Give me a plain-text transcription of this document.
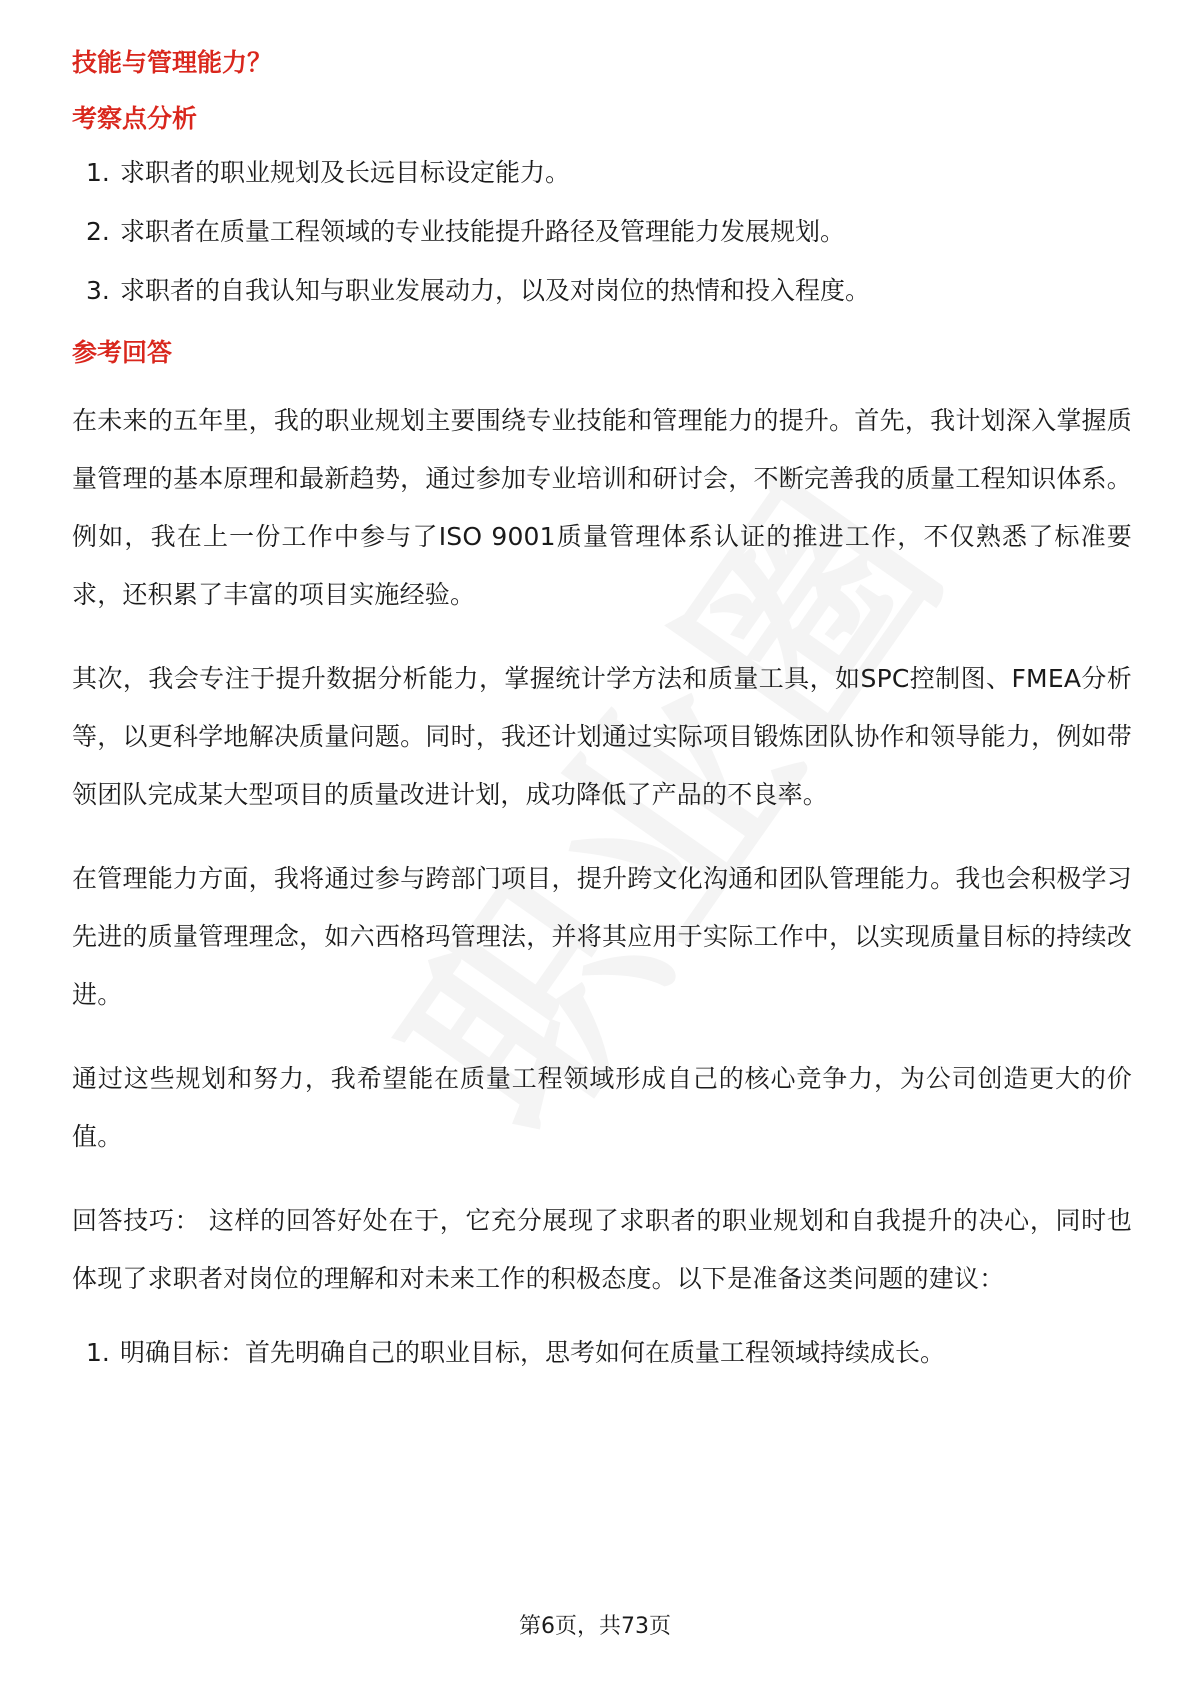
技能与管理能力？
考察点分析
1. 求职者的职业规划及长远目标设定能力。
2. 求职者在质量工程领域的专业技能提升路径及管理能力发展规划。
3. 求职者的自我认知与职业发展动力，以及对岗位的热情和投入程度。
参考回答

在未来的五年里，我的职业规划主要围绕专业技能和管理能力的提升。首先，我计划深入掌握质量管理的基本原理和最新趋势，通过参加专业培训和研讨会，不断完善我的质量工程知识体系。例如，我在上一份工作中参与了ISO 9001质量管理体系认证的推进工作，不仅熟悉了标准要求，还积累了丰富的项目实施经验。

其次，我会专注于提升数据分析能力，掌握统计学方法和质量工具，如SPC控制图、FMEA分析等，以更科学地解决质量问题。同时，我还计划通过实际项目锻炼团队协作和领导能力，例如带领团队完成某大型项目的质量改进计划，成功降低了产品的不良率。

在管理能力方面，我将通过参与跨部门项目，提升跨文化沟通和团队管理能力。我也会积极学习先进的质量管理理念，如六西格玛管理法，并将其应用于实际工作中，以实现质量目标的持续改进。

通过这些规划和努力，我希望能在质量工程领域形成自己的核心竞争力，为公司创造更大的价值。

回答技巧： 这样的回答好处在于，它充分展现了求职者的职业规划和自我提升的决心，同时也体现了求职者对岗位的理解和对未来工作的积极态度。以下是准备这类问题的建议：

1. 明确目标：首先明确自己的职业目标，思考如何在质量工程领域持续成长。
第6页，共73页
